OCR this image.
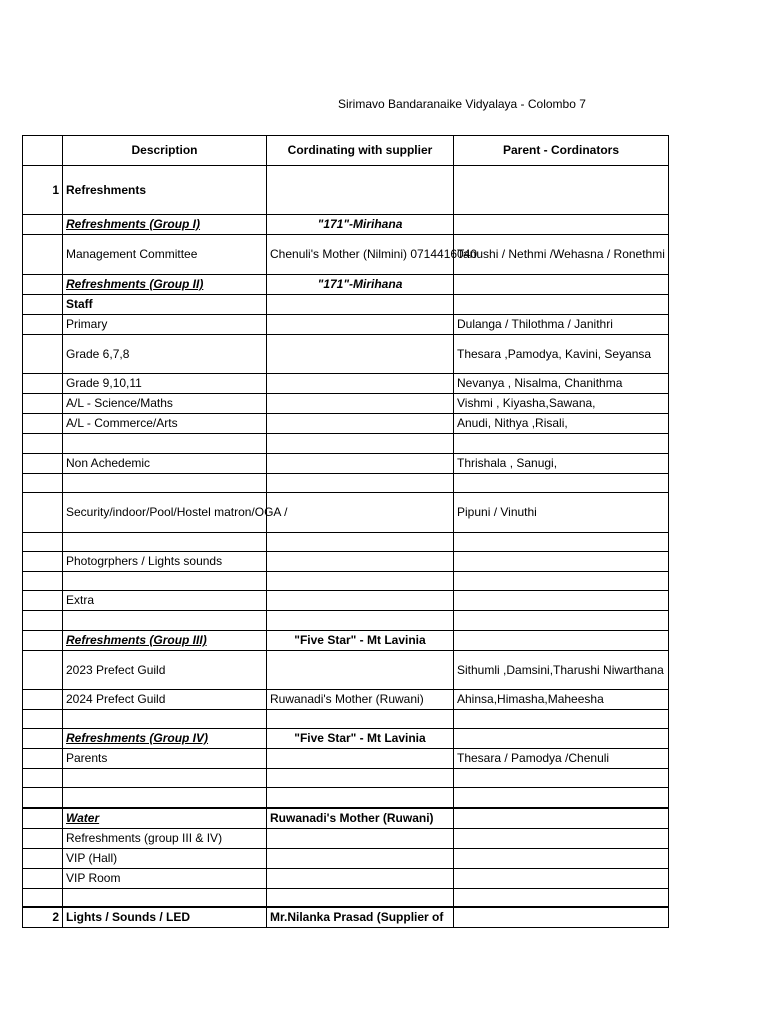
Sirimavo Bandaranaike Vidyalaya - Colombo 7
	Description	Cordinating with supplier	Parent - Cordinators
1	Refreshments		
	Refreshments (Group I)	"171"-Mirihana	
	Management Committee	Chenuli's Mother (Nilmini) 0714416040	Tanushi / Nethmi /Wehasna / Ronethmi
	Refreshments (Group II)	"171"-Mirihana	
	Staff		
	Primary		Dulanga / Thilothma / Janithri
	Grade 6,7,8		Thesara ,Pamodya, Kavini, Seyansa
	Grade 9,10,11		Nevanya , Nisalma, Chanithma
	A/L - Science/Maths		Vishmi , Kiyasha,Sawana,
	A/L - Commerce/Arts		Anudi, Nithya ,Risali,

	Non Achedemic		Thrishala , Sanugi,

	Security/indoor/Pool/Hostel matron/OGA /		Pipuni / Vinuthi

	Photogrphers / Lights sounds		

	Extra		

	Refreshments (Group III)	"Five Star" - Mt Lavinia	
	2023 Prefect Guild		Sithumli ,Damsini,Tharushi Niwarthana
	2024 Prefect Guild	Ruwanadi's Mother (Ruwani)	Ahinsa,Himasha,Maheesha

	Refreshments (Group IV)	"Five Star" - Mt Lavinia	
	Parents		Thesara / Pamodya /Chenuli

	Water	Ruwanadi's Mother (Ruwani)	
	Refreshments (group III & IV)		
	VIP (Hall)		
	VIP Room		

2	Lights / Sounds / LED	Mr.Nilanka Prasad (Supplier of	
